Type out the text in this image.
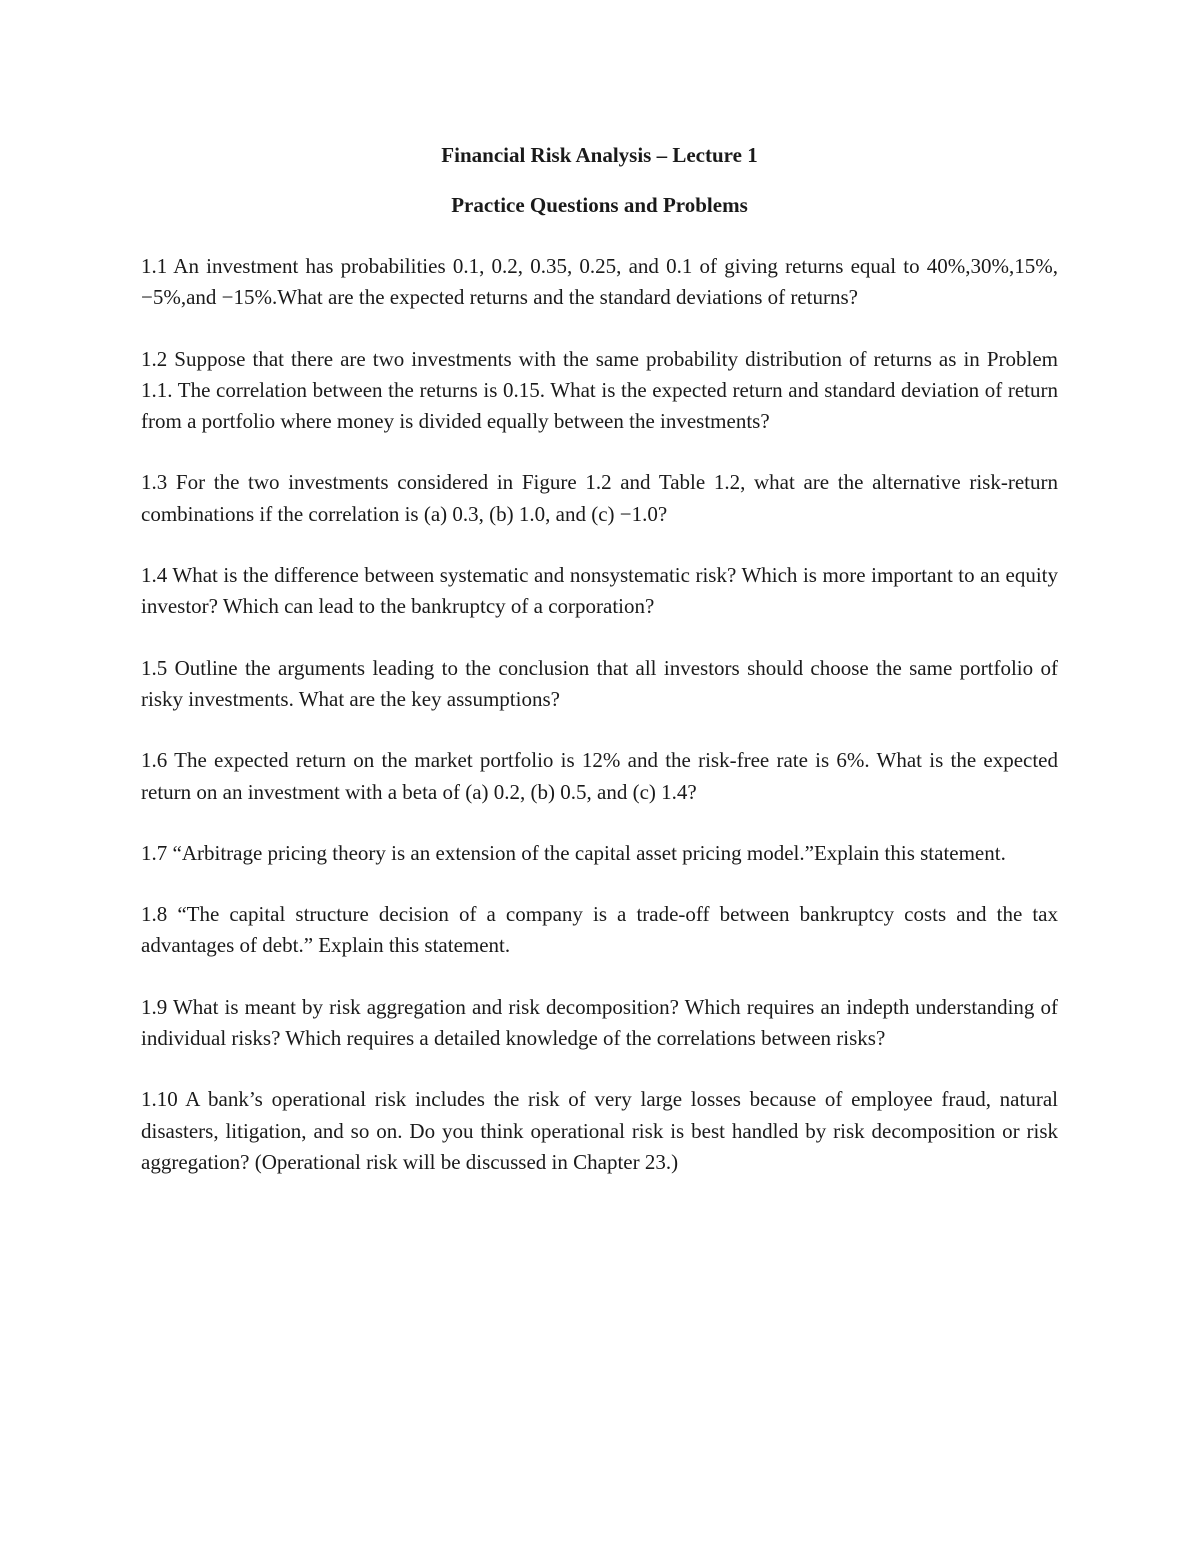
Financial Risk Analysis – Lecture 1
Practice Questions and Problems

1.1 An investment has probabilities 0.1, 0.2, 0.35, 0.25, and 0.1 of giving returns equal to 40%,30%,15%,−5%,and −15%.What are the expected returns and the standard deviations of returns?

1.2 Suppose that there are two investments with the same probability distribution of returns as in Problem 1.1. The correlation between the returns is 0.15. What is the expected return and standard deviation of return from a portfolio where money is divided equally between the investments?

1.3 For the two investments considered in Figure 1.2 and Table 1.2, what are the alternative risk-return combinations if the correlation is (a) 0.3, (b) 1.0, and (c) −1.0?

1.4 What is the difference between systematic and nonsystematic risk? Which is more important to an equity investor? Which can lead to the bankruptcy of a corporation?

1.5 Outline the arguments leading to the conclusion that all investors should choose the same portfolio of risky investments. What are the key assumptions?

1.6 The expected return on the market portfolio is 12% and the risk-free rate is 6%. What is the expected return on an investment with a beta of (a) 0.2, (b) 0.5, and (c) 1.4?

1.7 “Arbitrage pricing theory is an extension of the capital asset pricing model.”Explain this statement.

1.8 “The capital structure decision of a company is a trade-off between bankruptcy costs and the tax advantages of debt.” Explain this statement.

1.9 What is meant by risk aggregation and risk decomposition? Which requires an indepth understanding of individual risks? Which requires a detailed knowledge of the correlations between risks?

1.10 A bank’s operational risk includes the risk of very large losses because of employee fraud, natural disasters, litigation, and so on. Do you think operational risk is best handled by risk decomposition or risk aggregation? (Operational risk will be discussed in Chapter 23.)
